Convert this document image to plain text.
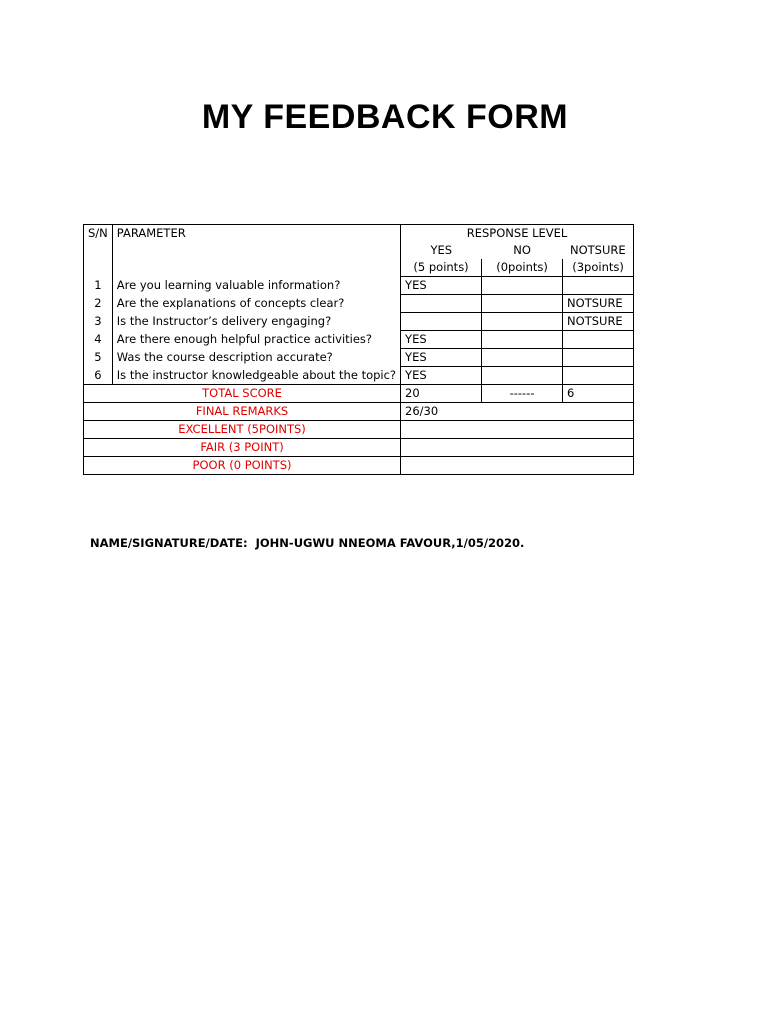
MY FEEDBACK FORM
S/N	PARAMETER	RESPONSE LEVEL		
		YES	NO	NOTSURE
		(5 points)	(0points)	(3points)
1	Are you learning valuable information?	YES		
2	Are the explanations of concepts clear?			NOTSURE
3	Is the Instructor’s delivery engaging?			NOTSURE
4	Are there enough helpful practice activities?	YES		
5	Was the course description accurate?	YES		
6	Is the instructor knowledgeable about the topic?	YES		
TOTAL SCORE		20	------	6
FINAL REMARKS		26/30		
EXCELLENT (5POINTS)				
FAIR (3 POINT)				
POOR (0 POINTS)				
NAME/SIGNATURE/DATE: JOHN-UGWU NNEOMA FAVOUR,1/05/2020.
